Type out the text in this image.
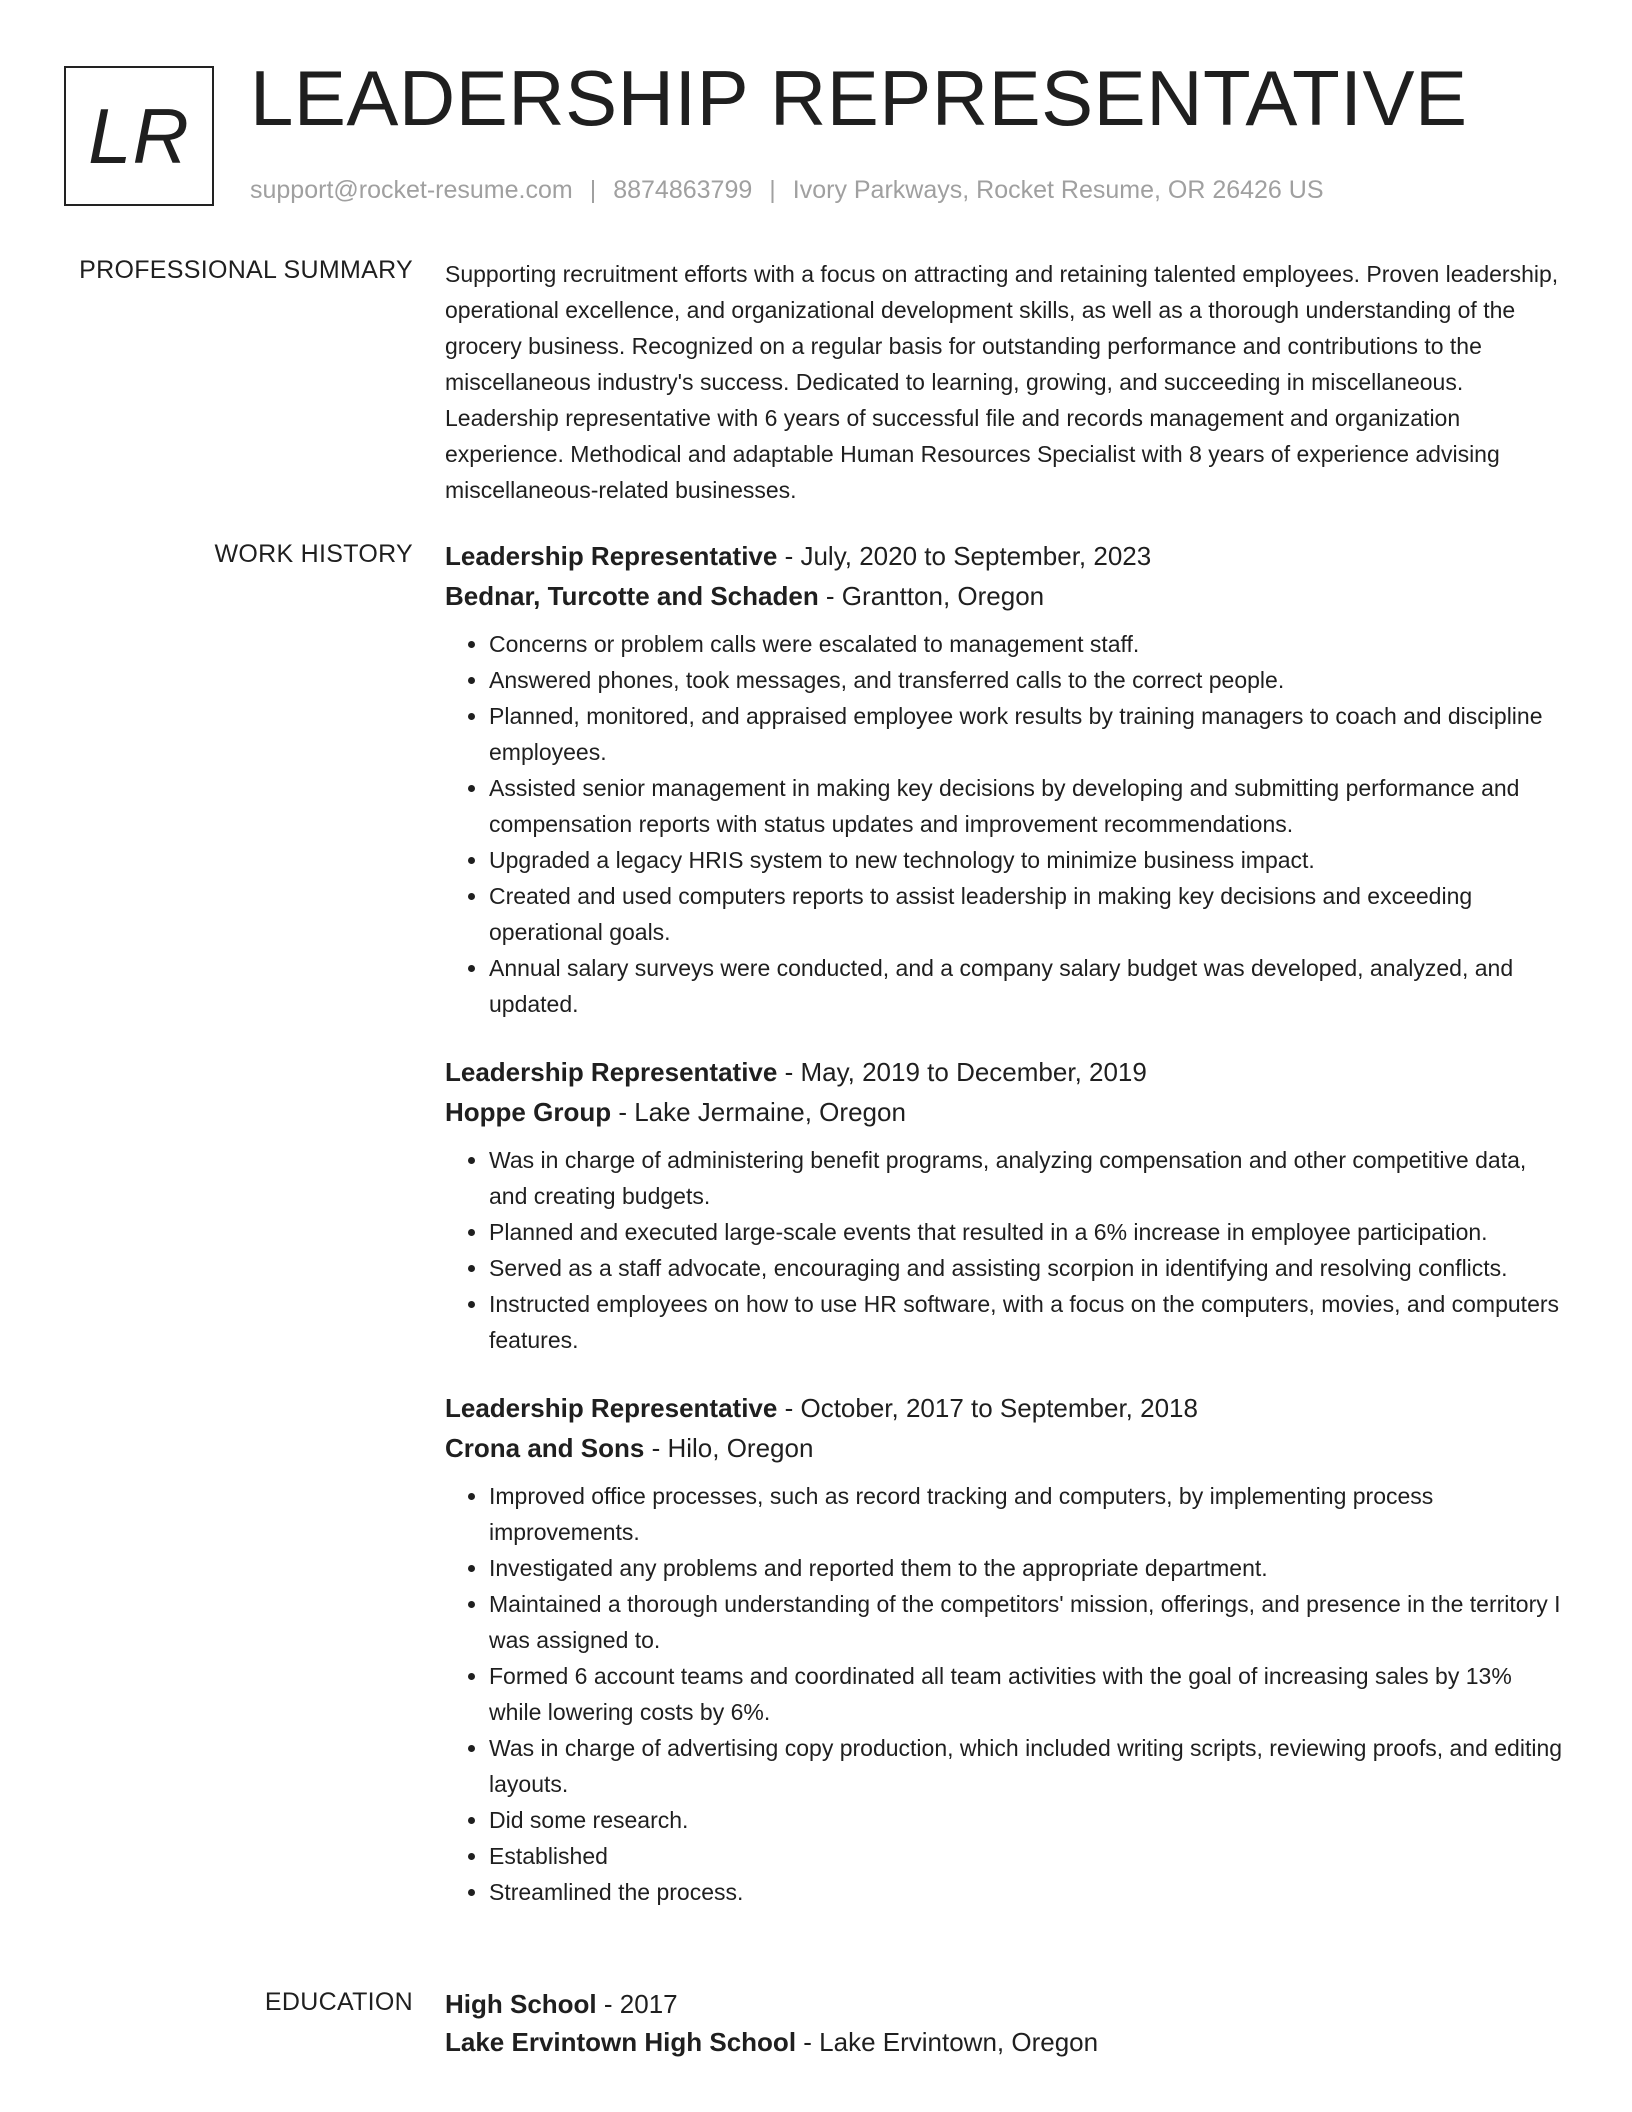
LR LEADERSHIP REPRESENTATIVE
support@rocket-resume.com | 8874863799 | Ivory Parkways, Rocket Resume, OR 26426 US
PROFESSIONAL SUMMARY Supporting recruitment efforts with a focus on attracting and retaining talented employees. Proven leadership, operational excellence, and organizational development skills, as well as a thorough understanding of the grocery business. Recognized on a regular basis for outstanding performance and contributions to the miscellaneous industry's success. Dedicated to learning, growing, and succeeding in miscellaneous. Leadership representative with 6 years of successful file and records management and organization experience. Methodical and adaptable Human Resources Specialist with 8 years of experience advising miscellaneous-related businesses.

WORK HISTORY Leadership Representative - July, 2020 to September, 2023
Bednar, Turcotte and Schaden - Grantton, Oregon
• Concerns or problem calls were escalated to management staff.
• Answered phones, took messages, and transferred calls to the correct people.
• Planned, monitored, and appraised employee work results by training managers to coach and discipline employees.
• Assisted senior management in making key decisions by developing and submitting performance and compensation reports with status updates and improvement recommendations.
• Upgraded a legacy HRIS system to new technology to minimize business impact.
• Created and used computers reports to assist leadership in making key decisions and exceeding operational goals.
• Annual salary surveys were conducted, and a company salary budget was developed, analyzed, and updated.
Leadership Representative - May, 2019 to December, 2019
Hoppe Group - Lake Jermaine, Oregon
• Was in charge of administering benefit programs, analyzing compensation and other competitive data, and creating budgets.
• Planned and executed large-scale events that resulted in a 6% increase in employee participation.
• Served as a staff advocate, encouraging and assisting scorpion in identifying and resolving conflicts.
• Instructed employees on how to use HR software, with a focus on the computers, movies, and computers features.
Leadership Representative - October, 2017 to September, 2018
Crona and Sons - Hilo, Oregon
• Improved office processes, such as record tracking and computers, by implementing process improvements.
• Investigated any problems and reported them to the appropriate department.
• Maintained a thorough understanding of the competitors' mission, offerings, and presence in the territory I was assigned to.
• Formed 6 account teams and coordinated all team activities with the goal of increasing sales by 13% while lowering costs by 6%.
• Was in charge of advertising copy production, which included writing scripts, reviewing proofs, and editing layouts.
• Did some research.
• Established
• Streamlined the process.
EDUCATION High School - 2017
Lake Ervintown High School - Lake Ervintown, Oregon
